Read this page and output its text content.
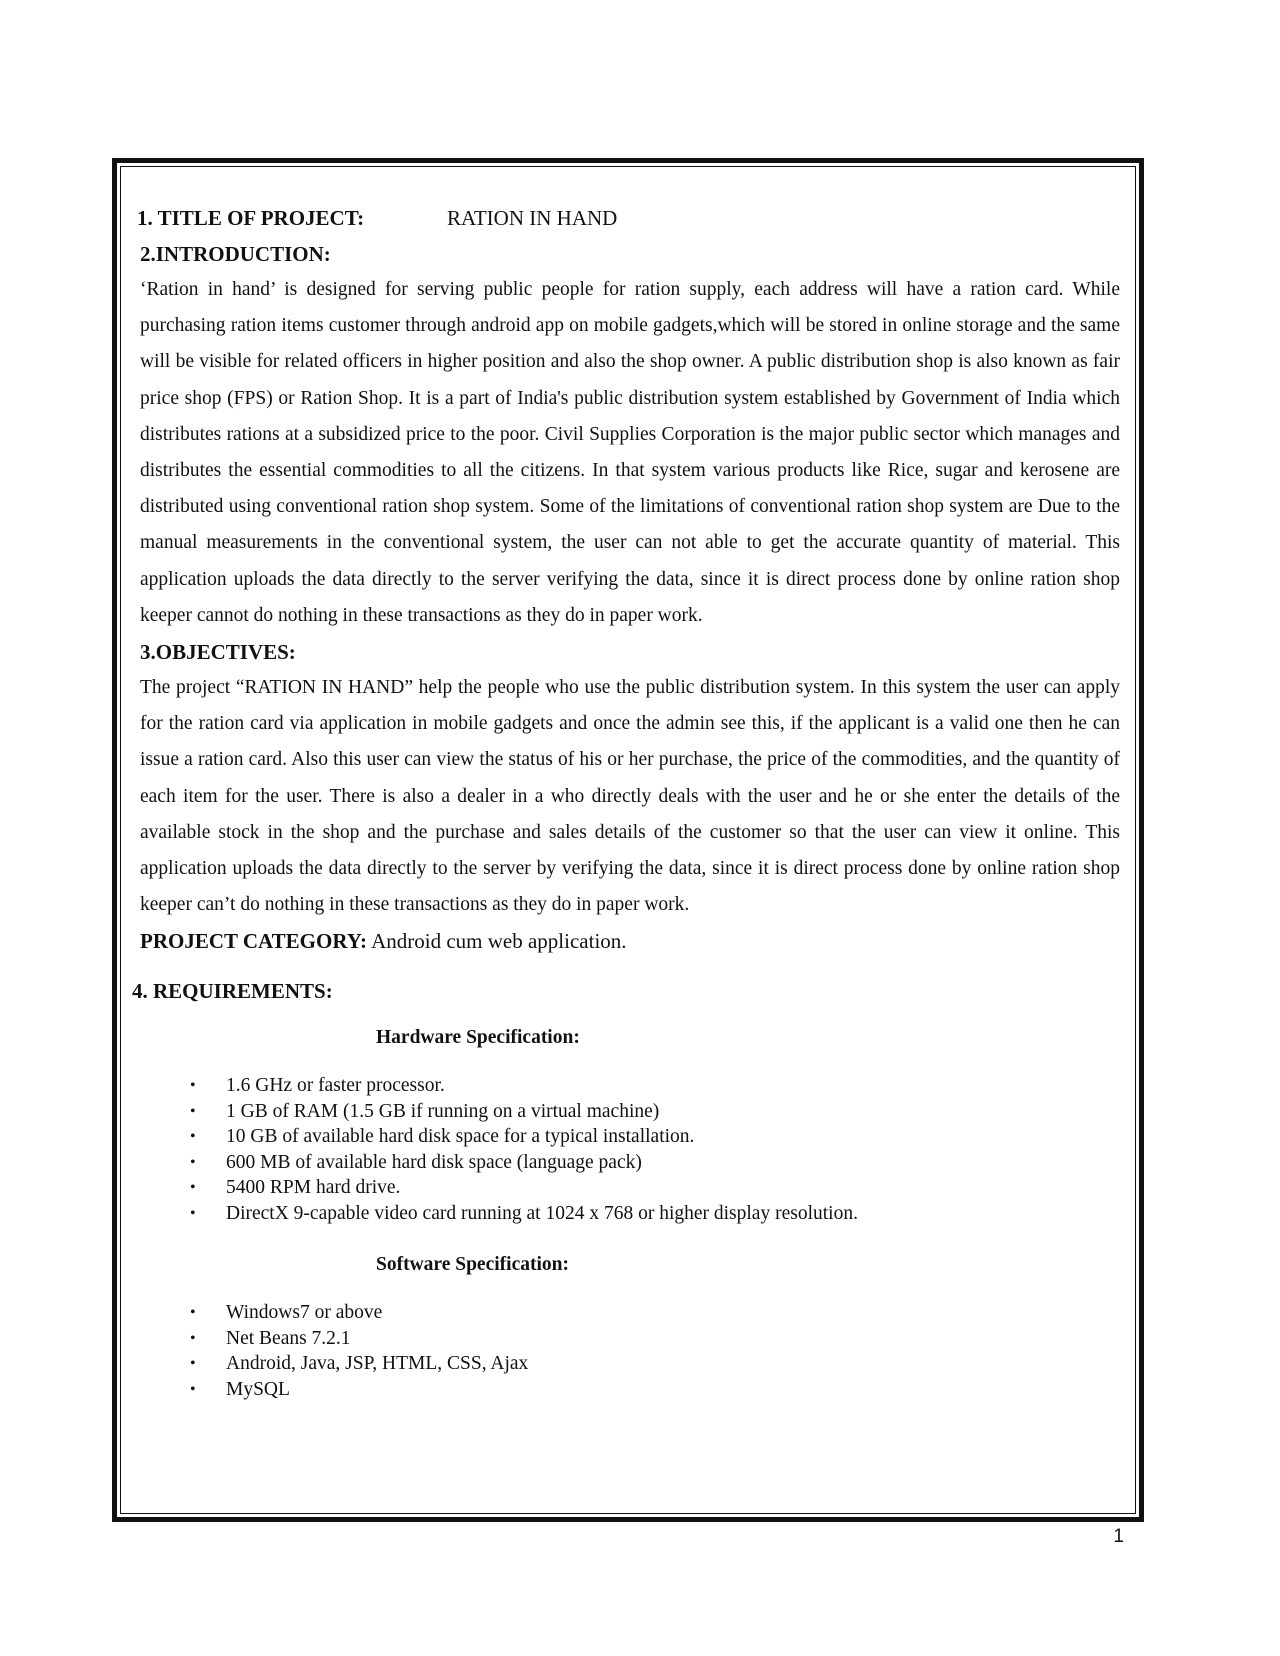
1. TITLE OF PROJECT:	RATION IN HAND
2.INTRODUCTION:

‘Ration in hand’ is designed for serving public people for ration supply, each address will have a ration card. While purchasing ration items customer through android app on mobile gadgets,which will be stored in online storage and the same will be visible for related officers in higher position and also the shop owner. A public distribution shop is also known as fair price shop (FPS) or Ration Shop. It is a part of India's public distribution system established by Government of India which distributes rations at a subsidized price to the poor. Civil Supplies Corporation is the major public sector which manages and distributes the essential commodities to all the citizens. In that system various products like Rice, sugar and kerosene are distributed using conventional ration shop system. Some of the limitations of conventional ration shop system are Due to the manual measurements in the conventional system, the user can not able to get the accurate quantity of material. This application uploads the data directly to the server verifying the data, since it is direct process done by online ration shop keeper cannot do nothing in these transactions as they do in paper work.

3.OBJECTIVES:

The project “RATION IN HAND” help the people who use the public distribution system. In this system the user can apply for the ration card via application in mobile gadgets and once the admin see this, if the applicant is a valid one then he can issue a ration card. Also this user can view the status of his or her purchase, the price of the commodities, and the quantity of each item for the user. There is also a dealer in a who directly deals with the user and he or she enter the details of the available stock in the shop and the purchase and sales details of the customer so that the user can view it online. This application uploads the data directly to the server by verifying the data, since it is direct process done by online ration shop keeper can’t do nothing in these transactions as they do in paper work.

PROJECT CATEGORY: Android cum web application.

4. REQUIREMENTS:
Hardware Specification:
• 1.6 GHz or faster processor.
• 1 GB of RAM (1.5 GB if running on a virtual machine)
• 10 GB of available hard disk space for a typical installation.
• 600 MB of available hard disk space (language pack)
• 5400 RPM hard drive.
• DirectX 9-capable video card running at 1024 x 768 or higher display resolution.
Software Specification:
• Windows7 or above
• Net Beans 7.2.1
• Android, Java, JSP, HTML, CSS, Ajax
• MySQL
1
